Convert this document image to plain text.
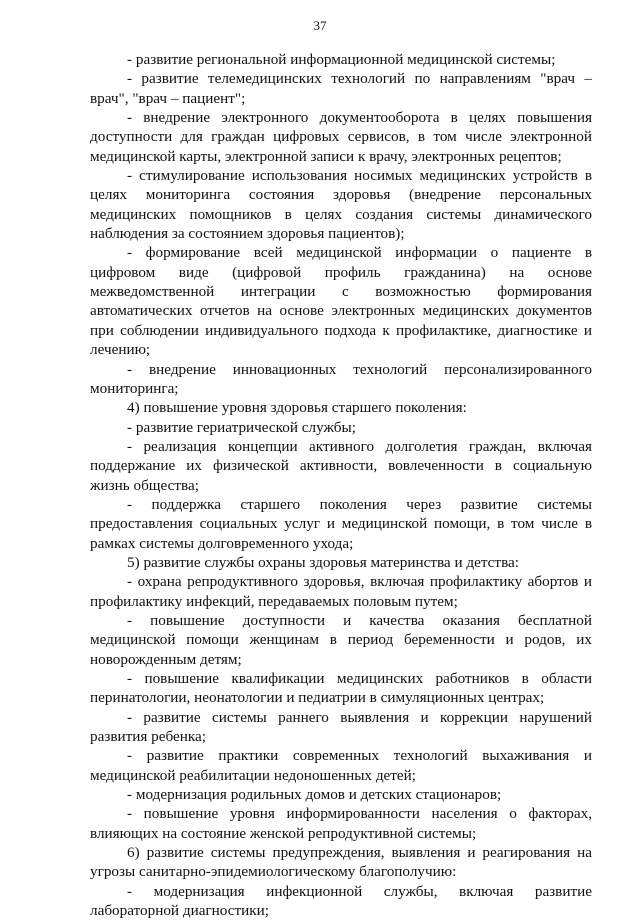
37

- развитие региональной информационной медицинской системы;

- развитие телемедицинских технологий по направлениям "врач – врач", "врач – пациент";

- внедрение электронного документооборота в целях повышения доступности для граждан цифровых сервисов, в том числе электронной медицинской карты, электронной записи к врачу, электронных рецептов;

- стимулирование использования носимых медицинских устройств в целях мониторинга состояния здоровья (внедрение персональных медицинских помощников в целях создания системы динамического наблюдения за состоянием здоровья пациентов);

- формирование всей медицинской информации о пациенте в цифровом виде (цифровой профиль гражданина) на основе межведомственной интеграции с возможностью формирования автоматических отчетов на основе электронных медицинских документов при соблюдении индивидуального подхода к профилактике, диагностике и лечению;

- внедрение инновационных технологий персонализированного мониторинга;

4) повышение уровня здоровья старшего поколения:

- развитие гериатрической службы;

- реализация концепции активного долголетия граждан, включая поддержание их физической активности, вовлеченности в социальную жизнь общества;

- поддержка старшего поколения через развитие системы предоставления социальных услуг и медицинской помощи, в том числе в рамках системы долговременного ухода;

5) развитие службы охраны здоровья материнства и детства:

- охрана репродуктивного здоровья, включая профилактику абортов и профилактику инфекций, передаваемых половым путем;

- повышение доступности и качества оказания бесплатной медицинской помощи женщинам в период беременности и родов, их новорожденным детям;

- повышение квалификации медицинских работников в области перинатологии, неонатологии и педиатрии в симуляционных центрах;

- развитие системы раннего выявления и коррекции нарушений развития ребенка;

- развитие практики современных технологий выхаживания и медицинской реабилитации недоношенных детей;

- модернизация родильных домов и детских стационаров;

- повышение уровня информированности населения о факторах, влияющих на состояние женской репродуктивной системы;

6) развитие системы предупреждения, выявления и реагирования на угрозы санитарно-эпидемиологическому благополучию:

- модернизация инфекционной службы, включая развитие лабораторной диагностики;
